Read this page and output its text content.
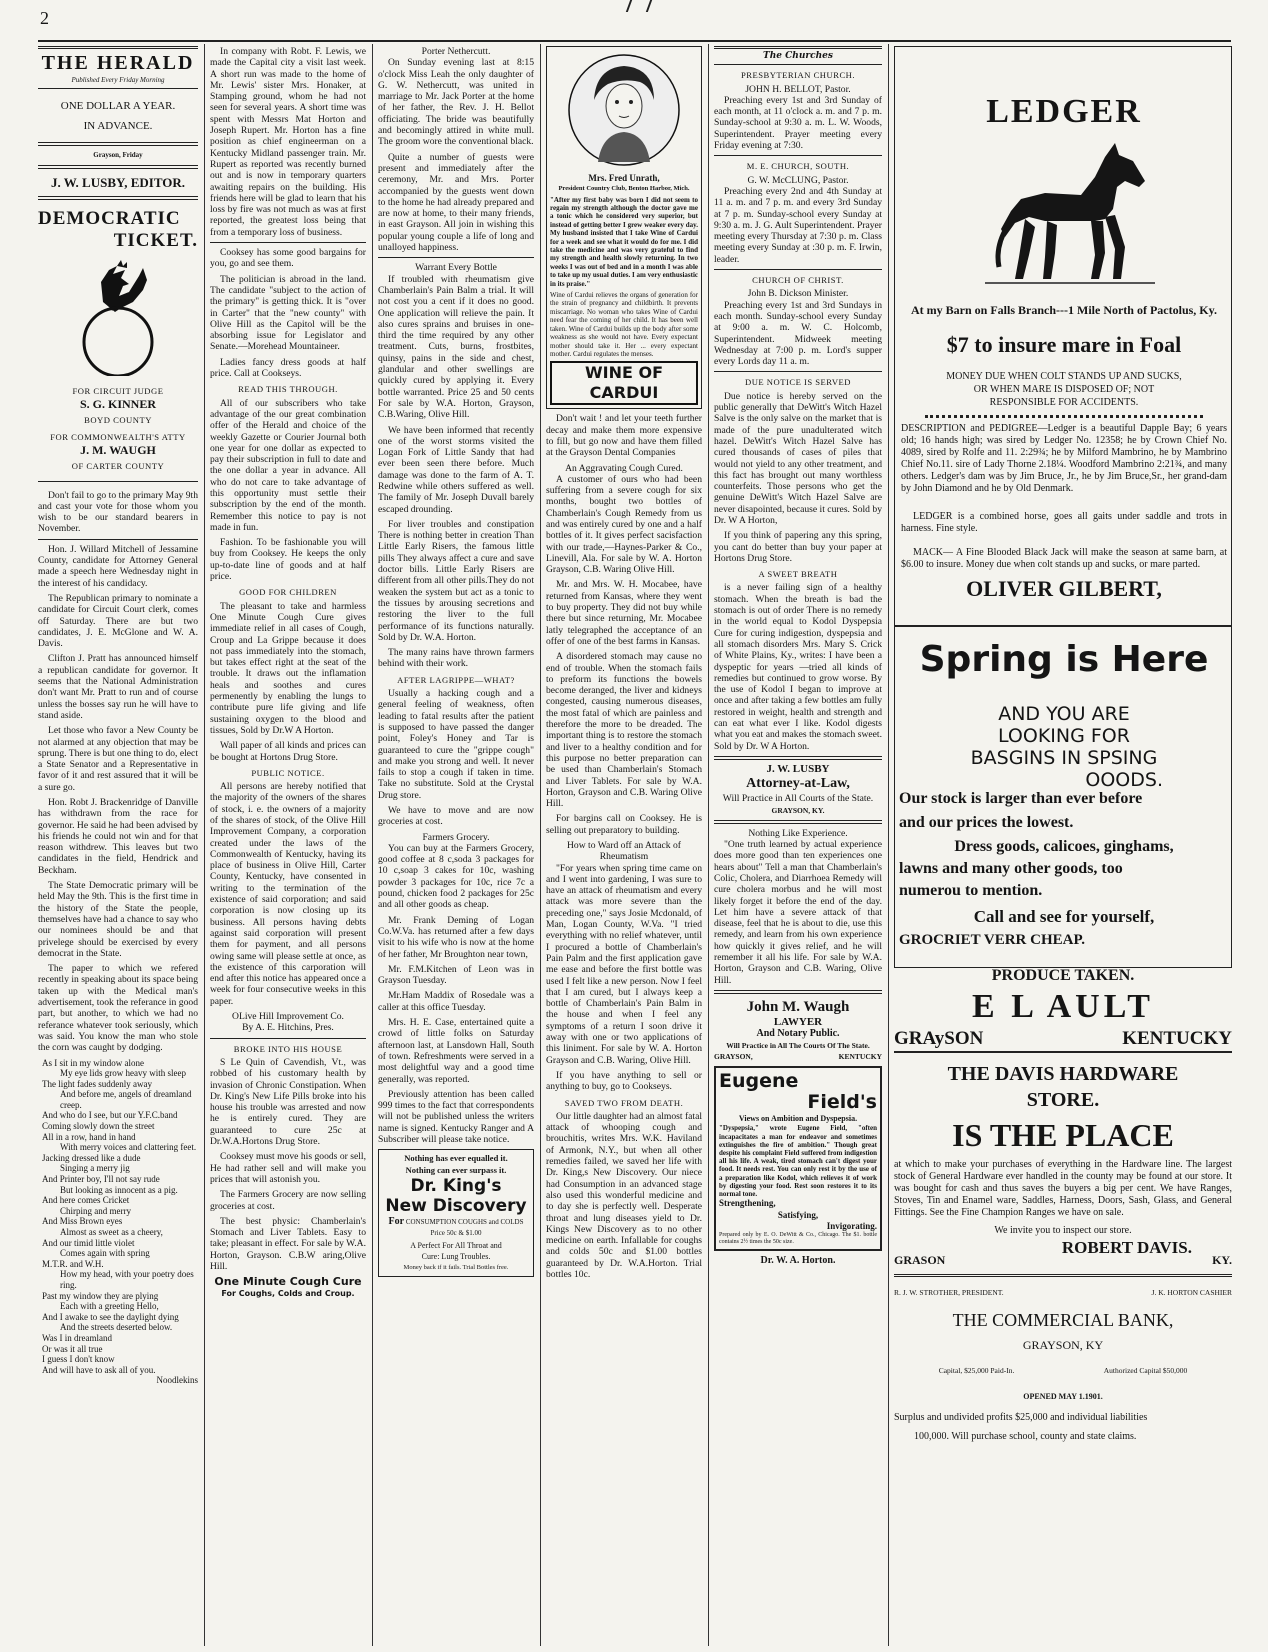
2
THE HERALD
Published Every Friday Morning
ONE DOLLAR A YEAR.
IN ADVANCE.
Grayson, Friday
J. W. LUSBY, EDITOR.
DEMOCRATIC
TICKET.
FOR CIRCUIT JUDGE
S. G. KINNER
BOYD COUNTY
FOR COMMONWEALTH'S ATTY
J. M. WAUGH
OF CARTER COUNTY

Don't fail to go to the primary May 9th and cast your vote for those whom you wish to be our standard bearers in November.

Hon. J. Willard Mitchell of Jessamine County, candidate for Attorney General made a speech here Wednesday night in the interest of his candidacy.

The Republican primary to nominate a candidate for Circuit Court clerk, comes off Saturday. There are but two candidates, J. E. McGlone and W. A. Davis.

Clifton J. Pratt has announced himself a republican candidate for governor. It seems that the National Administration don't want Mr. Pratt to run and of course unless the bosses say run he will have to stand aside.

Let those who favor a New County be not alarmed at any objection that may be sprung. There is but one thing to do, elect a State Senator and a Representative in favor of it and rest assured that it will be a sure go.

Hon. Robt J. Brackenridge of Danville has withdrawn from the race for governor. He said he had been advised by his friends he could not win and for that reason withdrew. This leaves but two candidates in the field, Hendrick and Beckham.

The State Democratic primary will be held May the 9th. This is the first time in the history of the State the people, themselves have had a chance to say who our nominees should be and that privelege should be exercised by every democrat in the State.

The paper to which we refered recently in speaking about its space being taken up with the Medical man's advertisement, took the referance in good part, but another, to which we had no referance whatever took seriously, which was said. You know the man who stole the corn was caught by dodging.

As I sit in my window alone
My eye lids grow heavy with sleep
The light fades suddenly away
And before me, angels of dreamland creep.
And who do I see, but our Y.F.C.band
Coming slowly down the street
All in a row, hand in hand
With merry voices and clattering feet.
Jacking dressed like a dude
Singing a merry jig
And Printer boy, I'll not say rude
But looking as innocent as a pig.
And here comes Cricket
Chirping and merry
And Miss Brown eyes
Almost as sweet as a cheery,
And our timid little violet
Comes again with spring
M.T.R. and W.H.
How my head, with your poetry does ring.
Past my window they are plying
Each with a greeting Hello,
And I awake to see the daylight dying
And the streets deserted below.
Was I in dreamland
Or was it all true
I guess I don't know
And will have to ask all of you.
Noodlekins

In company with Robt. F. Lewis, we made the Capital city a visit last week. A short run was made to the home of Mr. Lewis' sister Mrs. Honaker, at Stamping ground, whom he had not seen for several years. A short time was spent with Messrs Mat Horton and Joseph Rupert. Mr. Horton has a fine position as chief engineerman on a Kentucky Midland passenger train. Mr. Rupert as reported was recently burned out and is now in temporary quarters awaiting repairs on the building. His friends here will be glad to learn that his loss by fire was not much as was at first reported, the greatest loss being that from a temporary loss of business.

Cooksey has some good bargains for you, go and see them.

The politician is abroad in the land. The candidate "subject to the action of the primary" is getting thick. It is "over in Carter" that the "new county" with Olive Hill as the Capitol will be the absorbing issue for Legislator and Senate.—Morehead Mountaineer.

Ladies fancy dress goods at half price. Call at Cookseys.

READ THIS THROUGH.

All of our subscribers who take advantage of the our great combination offer of the Herald and choice of the weekly Gazette or Courier Journal both one year for one dollar as expected to pay their subscription in full to date and the one dollar a year in advance. All who do not care to take advantage of this opportunity must settle their subscription by the end of the month. Remember this notice to pay is not made in fun.

Fashion. To be fashionable you will buy from Cooksey. He keeps the only up-to-date line of goods and at half price.

GOOD FOR CHILDREN

The pleasant to take and harmless One Minute Cough Cure gives immediate relief in all cases of Cough, Croup and La Grippe because it does not pass immediately into the stomach, but takes effect right at the seat of the trouble. It draws out the inflamation heals and soothes and cures permenently by enabling the lungs to contribute pure life giving and life sustaining oxygen to the blood and tissues, Sold by Dr.W A Horton.

Wall paper of all kinds and prices can be bought at Hortons Drug Store.

PUBLIC NOTICE.

All persons are hereby notified that the majority of the owners of the shares of stock, i. e. the owners of a majority of the shares of stock, of the Olive Hill Improvement Company, a corporation created under the laws of the Commonwealth of Kentucky, having its place of business in Olive Hill, Carter County, Kentucky, have consented in writing to the termination of the existence of said corporation; and said corporation is now closing up its business. All persons having debts against said corporation will present them for payment, and all persons owing same will please settle at once, as the existence of this carporation will end after this notice has appeared once a week for four consecutive weeks in this paper.

OLive Hill Improvement Co.
By A. E. Hitchins, Pres.
BROKE INTO HIS HOUSE

S Le Quin of Cavendish, Vt., was robbed of his customary health by invasion of Chronic Constipation. When Dr. King's New Life Pills broke into his house his trouble was arrested and now he is entirely cured. They are guaranteed to cure 25c at Dr.W.A.Hortons Drug Store.

Cooksey must move his goods or sell, He had rather sell and will make you prices that will astonish you.

The Farmers Grocery are now selling groceries at cost.

The best physic: Chamberlain's Stomach and Liver Tablets. Easy to take; pleasant in effect. For sale by W.A. Horton, Grayson. C.B.W aring,Olive Hill.

One Minute Cough Cure
For Coughs, Colds and Croup.
Porter Nethercutt.

On Sunday evening last at 8:15 o'clock Miss Leah the only daughter of G. W. Nethercutt, was united in marriage to Mr. Jack Porter at the home of her father, the Rev. J. H. Bellot officiating. The bride was beautifully and becomingly attired in white mull. The groom wore the conventional black.

Quite a number of guests were present and immediately after the ceremony, Mr. and Mrs. Porter accompanied by the guests went down to the home he had already prepared and are now at home, to their many friends, in east Grayson. All join in wishing this popular young couple a life of long and unalloyed happiness.

Warrant Every Bottle

If troubled with rheumatism give Chamberlain's Pain Balm a trial. It will not cost you a cent if it does no good. One application will relieve the pain. It also cures sprains and bruises in one-third the time required by any other treatment. Cuts, burns, frostbites, quinsy, pains in the side and chest, glandular and other swellings are quickly cured by applying it. Every bottle warranted. Price 25 and 50 cents For sale by W.A. Horton, Grayson, C.B.Waring, Olive Hill.

We have been informed that recently one of the worst storms visited the Logan Fork of Little Sandy that had ever been seen there before. Much damage was done to the farm of A. T. Redwine while others suffered as well. The family of Mr. Joseph Duvall barely escaped drounding.

For liver troubles and constipation There is nothing better in creation Than Little Early Risers, the famous little pills They always affect a cure and save doctor bills. Little Early Risers are different from all other pills.They do not weaken the system but act as a tonic to the tissues by arousing secretions and restoring the liver to the full performance of its functions naturally. Sold by Dr. W.A. Horton.

The many rains have thrown farmers behind with their work.

AFTER LAGRIPPE—WHAT?

Usually a hacking cough and a general feeling of weakness, often leading to fatal results after the patient is supposed to have passed the danger point, Foley's Honey and Tar is guaranteed to cure the "grippe cough" and make you strong and well. It never fails to stop a cough if taken in time. Take no substitute. Sold at the Crystal Drug store.

We have to move and are now groceries at cost.

Farmers Grocery.

You can buy at the Farmers Grocery, good coffee at 8 c,soda 3 packages for 10 c,soap 3 cakes for 10c, washing powder 3 packages for 10c, rice 7c a pound, chicken food 2 packages for 25c and all other goods as cheap.

Mr. Frank Deming of Logan Co.W.Va. has returned after a few days visit to his wife who is now at the home of her father, Mr Broughton near town,

Mr. F.M.Kitchen of Leon was in Grayson Tuesday.

Mr.Ham Maddix of Rosedale was a caller at this office Tuesday.

Mrs. H. E. Case, entertained quite a crowd of little folks on Saturday afternoon last, at Lansdown Hall, South of town. Refreshments were served in a most delightful way and a good time generally, was reported.

Previously attention has been called 999 times to the fact that correspondents will not be published unless the writers name is signed. Kentucky Ranger and A Subscriber will please take notice.

Nothing has ever equalled it.
Nothing can ever surpass it.
Dr. King's
New Discovery
For CONSUMPTION COUGHS and COLDS Price 50c & $1.00
A Perfect For All Throat and
Cure: Lung Troubles.
Money back if it fails. Trial Bottles free.
Mrs. Fred Unrath,
President Country Club, Benton Harbor, Mich.
"After my first baby was born I did not seem to regain my strength although the doctor gave me a tonic which he considered very superior, but instead of getting better I grew weaker every day. My husband insisted that I take Wine of Cardui for a week and see what it would do for me. I did take the medicine and was very grateful to find my strength and health slowly returning. In two weeks I was out of bed and in a month I was able to take up my usual duties. I am very enthusiastic in its praise."
Wine of Cardui relieves the organs of generation for the strain of pregnancy and childbirth. It prevents miscarriage. No woman who takes Wine of Cardui need fear the coming of her child. It has been well taken. Wine of Cardui builds up the body after some weakness as she would not have. Every expectant mother should take it. Her ... every expectant mother. Cardui regulates the menses.
WINE OF CARDUI

Don't wait ! and let your teeth further decay and make them more expensive to fill, but go now and have them filled at the Grayson Dental Companies

An Aggravating Cough Cured.

A customer of ours who had been suffering from a severe cough for six months, bought two bottles of Chamberlain's Cough Remedy from us and was entirely cured by one and a half bottles of it. It gives perfect sacisfaction with our trade,—Haynes-Parker & Co., Linevill, Ala. For sale by W. A. Horton Grayson, C.B. Waring Olive Hill.

Mr. and Mrs. W. H. Mocabee, have returned from Kansas, where they went to buy property. They did not buy while there but since returning, Mr. Mocabee latly telegraphed the acceptance of an offer of one of the best farms in Kansas.

A disordered stomach may cause no end of trouble. When the stomach fails to preform its functions the bowels become deranged, the liver and kidneys congested, causing numerous diseases, the most fatal of which are painless and therefore the more to be dreaded. The important thing is to restore the stomach and liver to a healthy condition and for this purpose no better preparation can be used than Chamberlain's Stomach and Liver Tablets. For sale by W.A. Horton, Grayson and C.B. Waring Olive Hill.

For bargins call on Cooksey. He is selling out preparatory to building.

How to Ward off an Attack of Rheumatism

"For years when spring time came on and I went into gardening, I was sure to have an attack of rheumatism and every attack was more severe than the preceding one," says Josie Mcdonald, of Man, Logan County, W.Va. "I tried everything with no relief whatever, until I procured a bottle of Chamberlain's Pain Palm and the first application gave me ease and before the first bottle was used I felt like a new person. Now I feel that I am cured, but I always keep a bottle of Chamberlain's Pain Balm in the house and when I feel any symptoms of a return I soon drive it away with one or two applications of this liniment. For sale by W. A. Horton Grayson and C.B. Waring, Olive Hill.

If you have anything to sell or anything to buy, go to Cookseys.

SAVED TWO FROM DEATH.

Our little daughter had an almost fatal attack of whooping cough and brouchitis, writes Mrs. W.K. Haviland of Armonk, N.Y., but when all other remedies failed, we saved her life with Dr. King,s New Discovery. Our niece had Consumption in an advanced stage also used this wonderful medicine and to day she is perfectly well. Desperate throat and lung diseases yield to Dr. Kings New Discovery as to no other medicine on earth. Infallable for coughs and colds 50c and $1.00 bottles guaranteed by Dr. W.A.Horton. Trial bottles 10c.

The Churches
PRESBYTERIAN CHURCH.
JOHN H. BELLOT, Pastor.

Preaching every 1st and 3rd Sunday of each month, at 11 o'clock a. m. and 7 p. m. Sunday-school at 9:30 a. m. L. W. Woods, Superintendent. Prayer meeting every Friday evening at 7:30.

M. E. CHURCH, SOUTH.
G. W. McCLUNG, Pastor.

Preaching every 2nd and 4th Sunday at 11 a. m. and 7 p. m. and every 3rd Sunday at 7 p. m. Sunday-school every Sunday at 9:30 a. m. J. G. Ault Superintendent. Prayer meeting every Thursday at 7:30 p. m. Class meeting every Sunday at :30 p. m. F. Irwin, leader.

CHURCH OF CHRIST.
John B. Dickson Minister.

Preaching every 1st and 3rd Sundays in each month. Sunday-school every Sunday at 9:00 a. m. W. C. Holcomb, Superintendent. Midweek meeting Wednesday at 7:00 p. m. Lord's supper every Lords day 11 a. m.

DUE NOTICE IS SERVED

Due notice is hereby served on the public generally that DeWitt's Witch Hazel Salve is the only salve on the market that is made of the pure unadulterated witch hazel. DeWitt's Witch Hazel Salve has cured thousands of cases of piles that would not yield to any other treatment, and this fact has brought out many worthless counterfeits. Those persons who get the genuine DeWitt's Witch Hazel Salve are never disapointed, because it cures. Sold by Dr. W A Horton,

If you think of papering any this spring, you cant do better than buy your paper at Hortons Drug Store.

A SWEET BREATH

is a never failing sign of a healthy stomach. When the breath is bad the stomach is out of order There is no remedy in the world equal to Kodol Dyspepsia Cure for curing indigestion, dyspepsia and all stomach disorders Mrs. Mary S. Crick of White Plains, Ky., writes: I have been a dyspeptic for years —tried all kinds of remedies but continued to grow worse. By the use of Kodol I began to improve at once and after taking a few bottles am fully restored in weight, health and strength and can eat what ever I like. Kodol digests what you eat and makes the stomach sweet. Sold by Dr. W A Horton.

J. W. LUSBY
Attorney-at-Law,
Will Practice in All Courts of the State.
GRAYSON, KY.
Nothing Like Experience.

"One truth learned by actual experience does more good than ten experiences one hears about" Tell a man that Chamberlain's Colic, Cholera, and Diarrhoea Remedy will cure cholera morbus and he will most likely forget it before the end of the day. Let him have a severe attack of that disease, feel that he is about to die, use this remedy, and learn from his own experience how quickly it gives relief, and he will remember it all his life. For sale by W.A. Horton, Grayson and C.B. Waring, Olive Hill.

John M. Waugh
LAWYER
And Notary Public.
Will Practice in All The Courts Of The State.
GRAYSON,	KENTUCKY
Eugene
Field's
Views on Ambition and Dyspepsia.
"Dyspepsia," wrote Eugene Field, "often incapacitates a man for endeavor and sometimes extinguishes the fire of ambition." Though great despite his complaint Field suffered from indigestion all his life. A weak, tired stomach can't digest your food. It needs rest. You can only rest it by the use of a preparation like Kodol, which relieves it of work by digesting your food. Rest soon restores it to its normal tone.
Strengthening,
Satisfying,
Invigorating.
Prepared only by E. O. DeWitt & Co., Chicago. The $1. bottle contains 2½ times the 50c size.
Dr. W. A. Horton.
LEDGER
At my Barn on Falls Branch---1 Mile North of Pactolus, Ky.
$7 to insure mare in Foal
MONEY DUE WHEN COLT STANDS UP AND SUCKS,
OR WHEN MARE IS DISPOSED OF; NOT
RESPONSIBLE FOR ACCIDENTS.
DESCRIPTION and PEDIGREE—Ledger is a beautiful Dapple Bay; 6 years old; 16 hands high; was sired by Ledger No. 12358; he by Crown Chief No. 4089, sired by Rolfe and 11. 2:29¾; he by Milford Mambrino, he by Mambrino Chief No.11. sire of Lady Thorne 2.18¼. Woodford Mambrino 2:21¾, and many others. Ledger's dam was by Jim Bruce, Jr., he by Jim Bruce,Sr., her grand-dam by John Diamond and he by Old Denmark.
LEDGER is a combined horse, goes all gaits under saddle and trots in harness. Fine style.
MACK— A Fine Blooded Black Jack will make the season at same barn, at $6.00 to insure. Money due when colt stands up and sucks, or mare parted.
OLIVER GILBERT,
Spring is Here
AND YOU ARE
LOOKING FOR
BASGINS IN SPSING
OOODS.
Our stock is larger than ever before
and our prices the lowest.
Dress goods, calicoes, ginghams,
lawns and many other goods, too
numerou to mention.
Call and see for yourself,
GROCRIET VERR CHEAP.
PRODUCE TAKEN.
E L AULT
GRAySON	KENTUCKY
THE DAVIS HARDWARE
STORE.
IS THE PLACE
at which to make your purchases of everything in the Hardware line. The largest stock of General Hardware ever handled in the county may be found at our store. It was bought for cash and thus saves the buyers a big per cent. We have Ranges, Stoves, Tin and Enamel ware, Saddles, Harness, Doors, Sash, Glass, and General Fittings. See the Fine Champion Ranges we have on sale.
We invite you to inspect our store.
ROBERT DAVIS.
GRASON	KY.
R. J. W. STROTHER, PRESIDENT.	J. K. HORTON CASHIER
THE COMMERCIAL BANK,
GRAYSON, KY
Capital, $25,000 Paid-In.	Authorized Capital $50,000
OPENED MAY 1.1901.
Surplus and undivided profits $25,000 and individual liabilities
100,000. Will purchase school, county and state claims.
